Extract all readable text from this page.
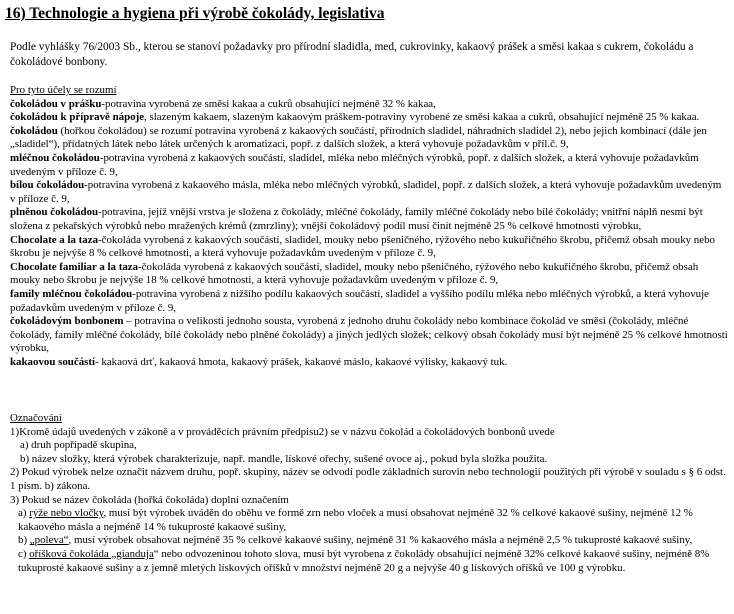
16) Technologie a hygiena při výrobě čokolády, legislativa
Podle vyhlášky 76/2003 Sb., kterou se stanoví požadavky pro přírodní sladidla, med, cukrovinky, kakaový prášek a směsi kakaa s cukrem, čokoládu a čokoládové bonbony.
Pro tyto účely se rozumí

čokoládou v prášku-potravina vyrobená ze směsi kakaa a cukrů obsahující nejméně 32 % kakaa,

čokoládou k přípravě nápoje, slazeným kakaem, slazeným kakaovým práškem-potraviny vyrobené ze směsi kakaa a cukrů, obsahující nejméně 25 % kakaa.

čokoládou (hořkou čokoládou) se rozumí potravina vyrobená z kakaových součástí, přírodních sladidel, náhradních sladidel 2), nebo jejich kombinací (dále jen „sladidel“), přídatných látek nebo látek určených k aromatizaci, popř. z dalších složek, a která vyhovuje požadavkům v příl.č. 9,

mléčnou čokoládou-potravina vyrobená z kakaových součástí, sladidel, mléka nebo mléčných výrobků, popř. z dalších složek, a která vyhovuje požadavkům uvedeným v příloze č. 9,

bílou čokoládou-potravina vyrobená z kakaového másla, mléka nebo mléčných výrobků, sladidel, popř. z dalších složek, a která vyhovuje požadavkům uvedeným v příloze č. 9,

plněnou čokoládou-potravina, jejíž vnější vrstva je složena z čokolády, mléčné čokolády, family mléčné čokolády nebo bílé čokolády; vnitřní náplň nesmí být složena z pekařských výrobků nebo mražených krémů (zmrzliny); vnější čokoládový podíl musí činit nejméně 25 % celkové hmotnosti výrobku,

Chocolate a la taza-čokoláda vyrobená z kakaových součástí, sladidel, mouky nebo pšeničného, rýžového nebo kukuřičného škrobu, přičemž obsah mouky nebo škrobu je nejvýše 8 % celkové hmotnosti, a která vyhovuje požadavkům uvedeným v příloze č. 9,

Chocolate familiar a la taza-čokoláda vyrobená z kakaových součástí, sladidel, mouky nebo pšeničného, rýžového nebo kukuřičného škrobu, přičemž obsah mouky nebo škrobu je nejvýše 18 % celkové hmotnosti, a která vyhovuje požadavkům uvedeným v příloze č. 9,

family mléčnou čokoládou-potravina vyrobená z nižšího podílu kakaových součástí, sladidel a vyššího podílu mléka nebo mléčných výrobků, a která vyhovuje požadavkům uvedeným v příloze č. 9,

čokoládovým bonbonem – potravina o velikosti jednoho sousta, vyrobená z jednoho druhu čokolády nebo kombinace čokolád ve směsi (čokolády, mléčné čokolády, family mléčné čokolády, bílé čokolády nebo plněné čokolády) a jiných jedlých složek; celkový obsah čokolády musí být nejméně 25 % celkové hmotnosti výrobku,

kakaovou součástí- kakaová drť, kakaová hmota, kakaový prášek, kakaové máslo, kakaové výlisky, kakaový tuk.

Označování

1)Kromě údajů uvedených v zákoně a v prováděcích právním předpisu2) se v názvu čokolád a čokoládových bonbonů uvede

a) druh popřípadě skupina,

b) název složky, která výrobek charakterizuje, např. mandle, lískové ořechy, sušené ovoce aj., pokud byla složka použita.

2) Pokud výrobek nelze označit názvem druhu, popř. skupiny, název se odvodí podle základních surovin nebo technologií použitých při výrobě v souladu s § 6 odst. 1 písm. b) zákona.

3) Pokud se název čokoláda (hořká čokoláda) doplní označením

a) rýže nebo vločky, musí být výrobek uváděn do oběhu ve formě zrn nebo vloček a musí obsahovat nejméně 32 % celkové kakaové sušiny, nejméně 12 % kakaového másla a nejméně 14 % tukuprosté kakaové sušiny,

b) „poleva“, musí výrobek obsahovat nejméně 35 % celkové kakaové sušiny, nejméně 31 % kakaového másla a nejméně 2,5 % tukuprosté kakaové sušiny,

c) oříšková čokoláda „gianduja“ nebo odvozeninou tohoto slova, musí být vyrobena z čokolády obsahující nejméně 32% celkové kakaové sušiny, nejméně 8% tukuprosté kakaové sušiny a z jemně mletých lískových oříšků v množství nejméně 20 g a nejvýše 40 g lískových oříšků ve 100 g výrobku.
